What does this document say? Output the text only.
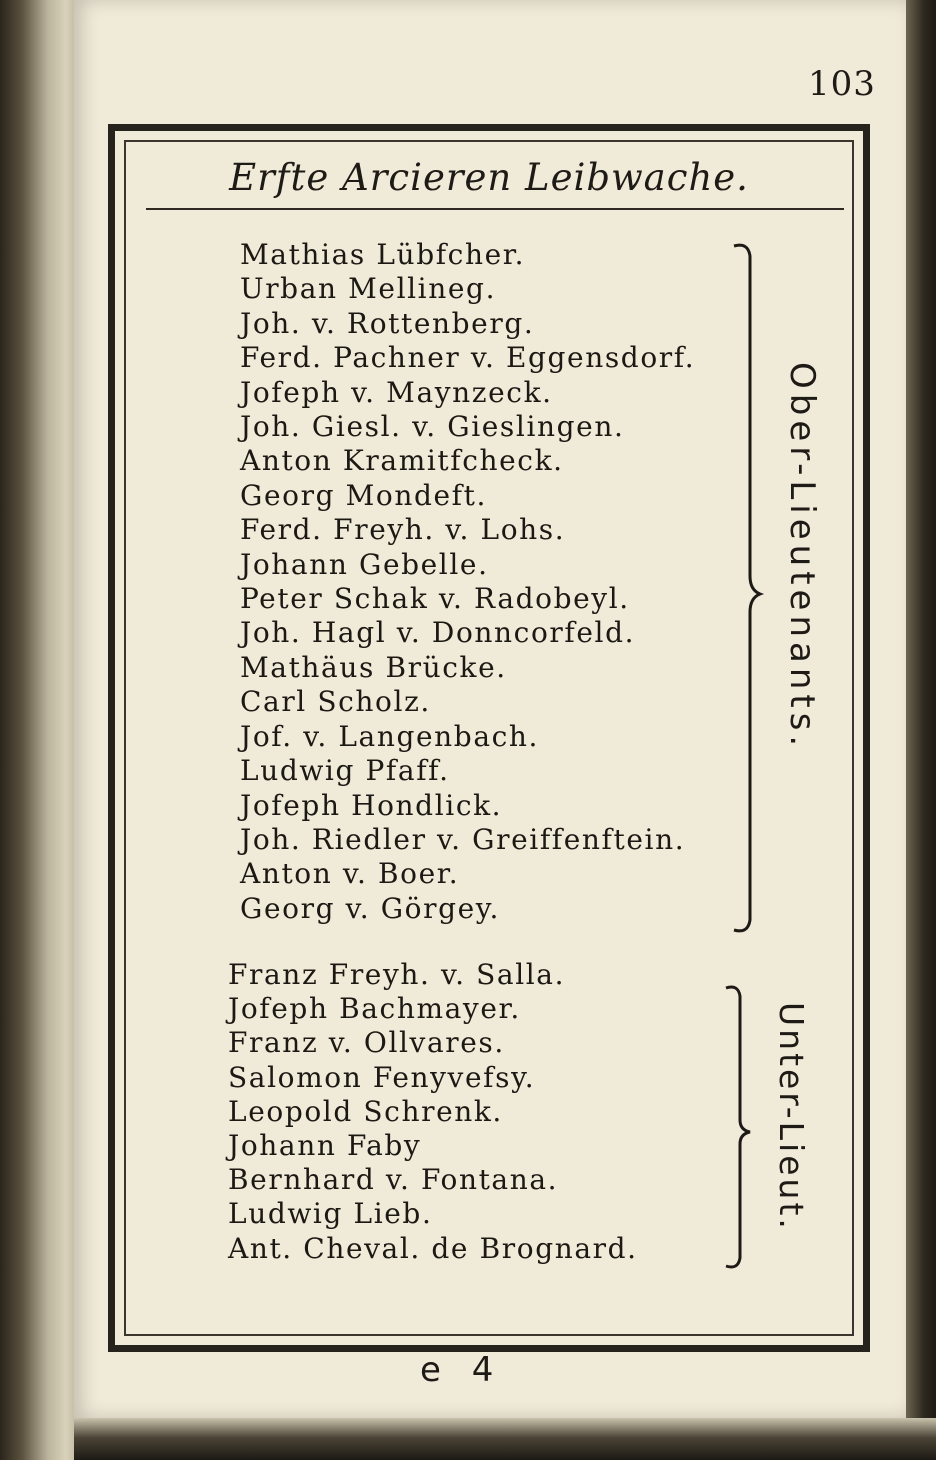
103
Erfte Arcieren Leibwache.
Mathias Lübfcher.
Urban Mellineg.
Joh. v. Rottenberg.
Ferd. Pachner v. Eggensdorf.
Jofeph v. Maynzeck.
Joh. Giesl. v. Gieslingen.
Anton Kramitfcheck.
Georg Mondeft.
Ferd. Freyh. v. Lohs.
Johann Gebelle.
Peter Schak v. Radobeyl.
Joh. Hagl v. Donncorfeld.
Mathäus Brücke.
Carl Scholz.
Jof. v. Langenbach.
Ludwig Pfaff.
Jofeph Hondlick.
Joh. Riedler v. Greiffenftein.
Anton v. Boer.
Georg v. Görgey.
Ober-Lieutenants.
Franz Freyh. v. Salla.
Jofeph Bachmayer.
Franz v. Ollvares.
Salomon Fenyvefsy.
Leopold Schrenk.
Johann Faby
Bernhard v. Fontana.
Ludwig Lieb.
Ant. Cheval. de Brognard.
Unter-Lieut.
e 4
